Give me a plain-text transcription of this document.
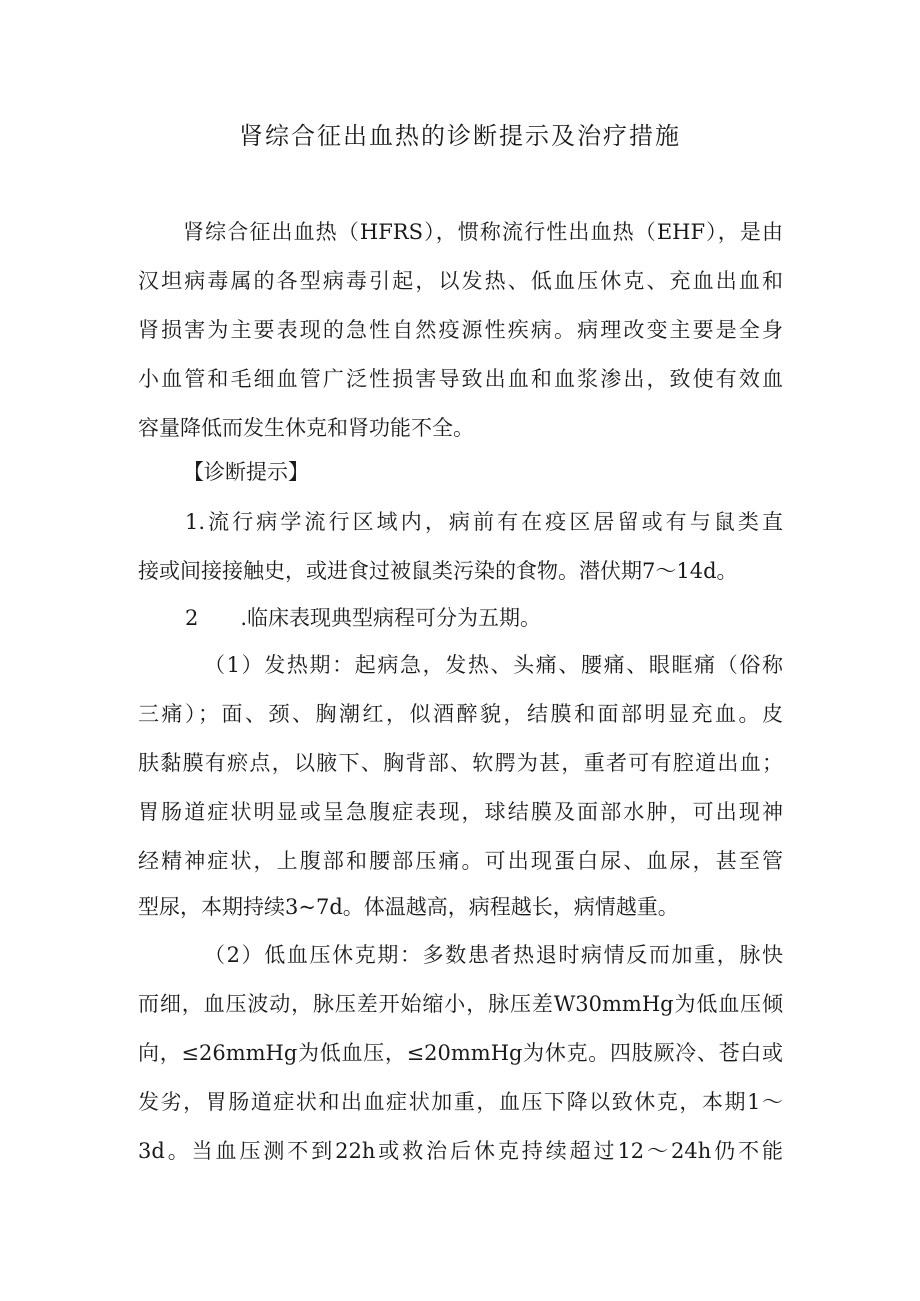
肾综合征出血热的诊断提示及治疗措施
肾综合征出血热（HFRS），惯称流行性出血热（EHF），是由
汉坦病毒属的各型病毒引起，以发热、低血压休克、充血出血和
肾损害为主要表现的急性自然疫源性疾病。病理改变主要是全身
小血管和毛细血管广泛性损害导致出血和血浆渗出，致使有效血
容量降低而发生休克和肾功能不全。
【诊断提示】
1.流行病学流行区域内，病前有在疫区居留或有与鼠类直
接或间接接触史，或进食过被鼠类污染的食物。潜伏期7～14d。
2　　.临床表现典型病程可分为五期。
（1）发热期：起病急，发热、头痛、腰痛、眼眶痛（俗称
三痛）；面、颈、胸潮红，似酒醉貌，结膜和面部明显充血。皮
肤黏膜有瘀点，以腋下、胸背部、软腭为甚，重者可有腔道出血；
胃肠道症状明显或呈急腹症表现，球结膜及面部水肿，可出现神
经精神症状，上腹部和腰部压痛。可出现蛋白尿、血尿，甚至管
型尿，本期持续3~7d。体温越高，病程越长，病情越重。
（2）低血压休克期：多数患者热退时病情反而加重，脉快
而细，血压波动，脉压差开始缩小，脉压差W30mmHg为低血压倾
向，≤26mmHg为低血压，≤20mmHg为休克。四肢厥冷、苍白或
发劣，胃肠道症状和出血症状加重，血压下降以致休克，本期1～
3d。当血压测不到22h或救治后休克持续超过12～24h仍不能
